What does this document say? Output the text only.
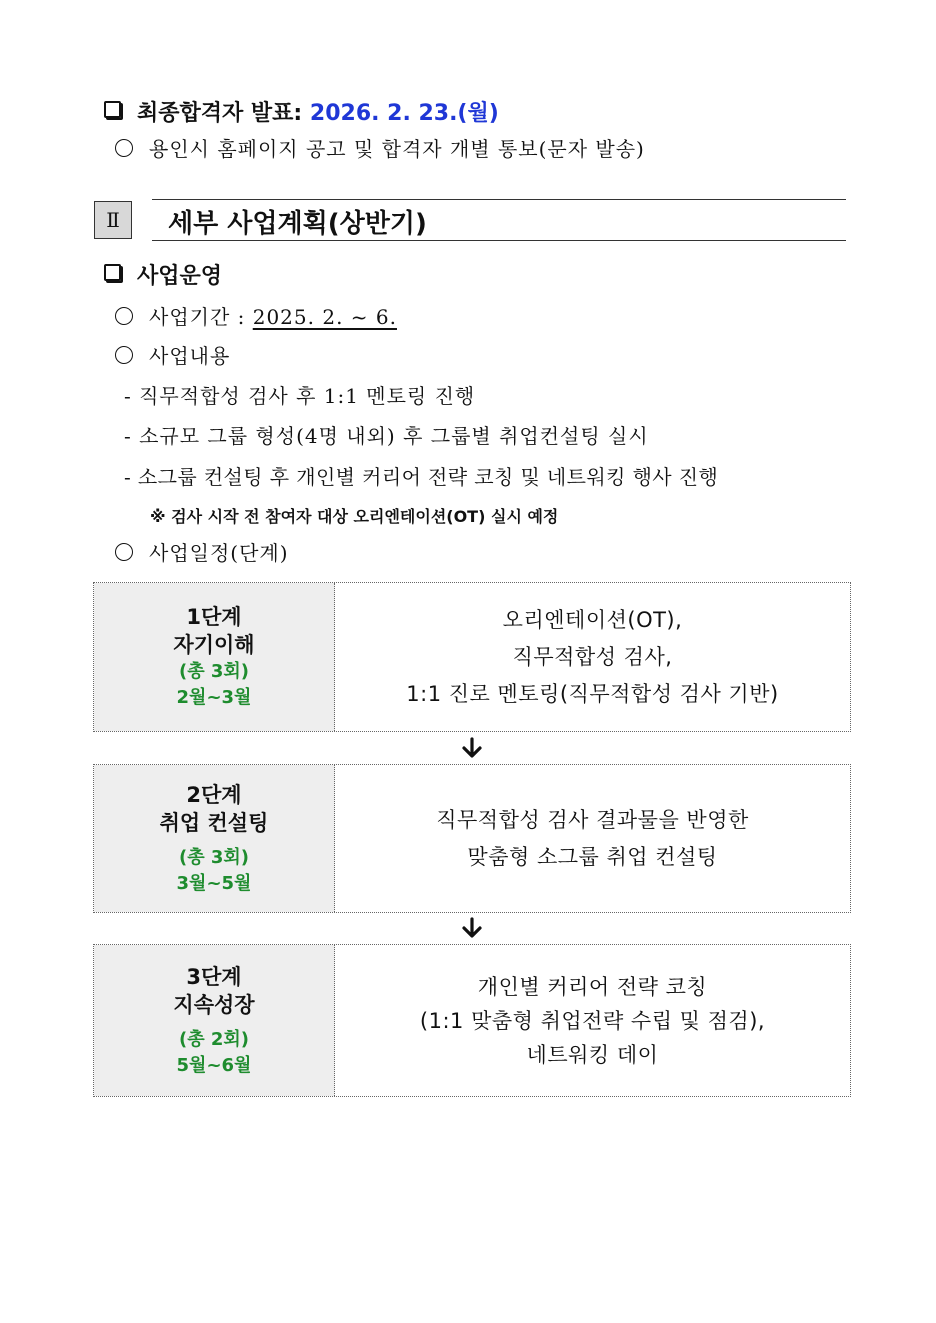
최종합격자 발표: 2026. 2. 23.(월)
용인시 홈페이지 공고 및 합격자 개별 통보(문자 발송)
Ⅱ	세부 사업계획(상반기)
사업운영
사업기간 : 2025. 2. ~ 6.
사업내용
- 직무적합성 검사 후 1:1 멘토링 진행
- 소규모 그룹 형성(4명 내외) 후 그룹별 취업컨설팅 실시
- 소그룹 컨설팅 후 개인별 커리어 전략 코칭 및 네트워킹 행사 진행
※ 검사 시작 전 참여자 대상 오리엔테이션(OT) 실시 예정
사업일정(단계)
1단계
자기이해
(총 3회)
2월~3월
오리엔테이션(OT),
직무적합성 검사,
1:1 진로 멘토링(직무적합성 검사 기반)
2단계
취업 컨설팅
(총 3회)
3월~5월
직무적합성 검사 결과물을 반영한
맞춤형 소그룹 취업 컨설팅
3단계
지속성장
(총 2회)
5월~6월
개인별 커리어 전략 코칭
(1:1 맞춤형 취업전략 수립 및 점검),
네트워킹 데이
